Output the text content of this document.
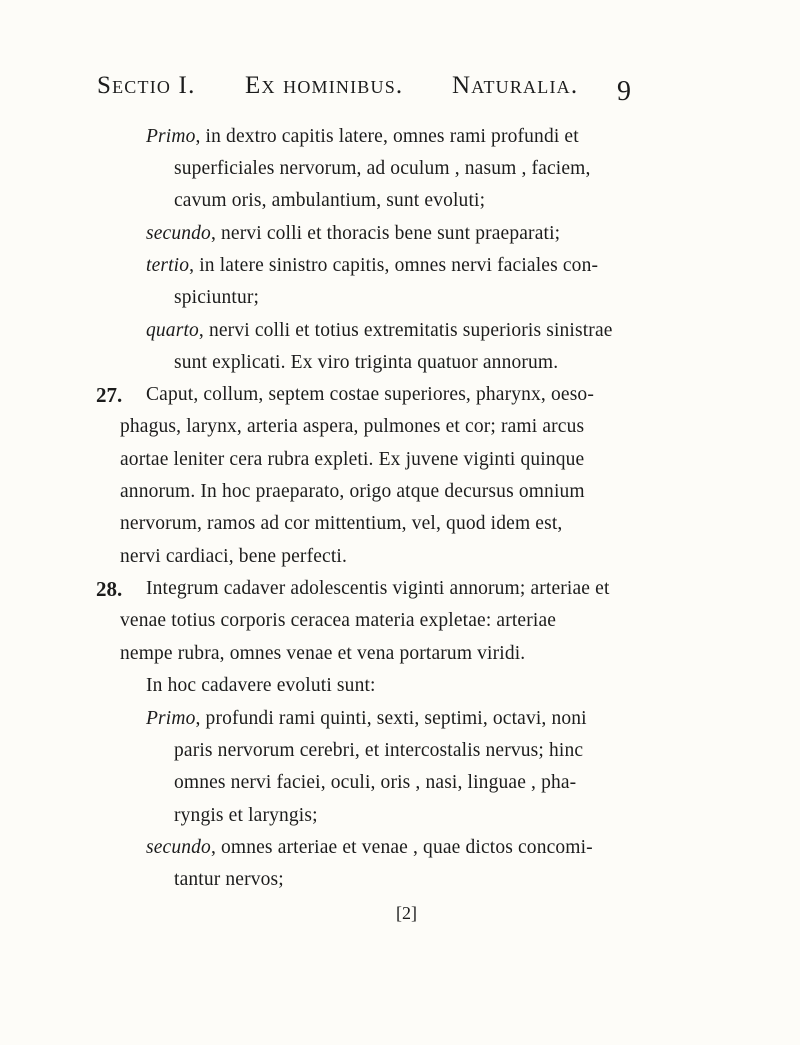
Sectio I. Ex hominibus. Naturalia. 9
Primo, in dextro capitis latere, omnes rami profundi et
superficiales nervorum, ad oculum , nasum , faciem,
cavum oris, ambulantium, sunt evoluti;
secundo, nervi colli et thoracis bene sunt praeparati;
tertio, in latere sinistro capitis, omnes nervi faciales con-
spiciuntur;
quarto, nervi colli et totius extremitatis superioris sinistrae
sunt explicati. Ex viro triginta quatuor annorum.
27. Caput, collum, septem costae superiores, pharynx, oeso-
phagus, larynx, arteria aspera, pulmones et cor; rami arcus
aortae leniter cera rubra expleti. Ex juvene viginti quinque
annorum. In hoc praeparato, origo atque decursus omnium
nervorum, ramos ad cor mittentium, vel, quod idem est,
nervi cardiaci, bene perfecti.
28. Integrum cadaver adolescentis viginti annorum; arteriae et
venae totius corporis ceracea materia expletae: arteriae
nempe rubra, omnes venae et vena portarum viridi.
In hoc cadavere evoluti sunt:
Primo, profundi rami quinti, sexti, septimi, octavi, noni
paris nervorum cerebri, et intercostalis nervus; hinc
omnes nervi faciei, oculi, oris , nasi, linguae , pha-
ryngis et laryngis;
secundo, omnes arteriae et venae , quae dictos concomi-
tantur nervos;
[2]
